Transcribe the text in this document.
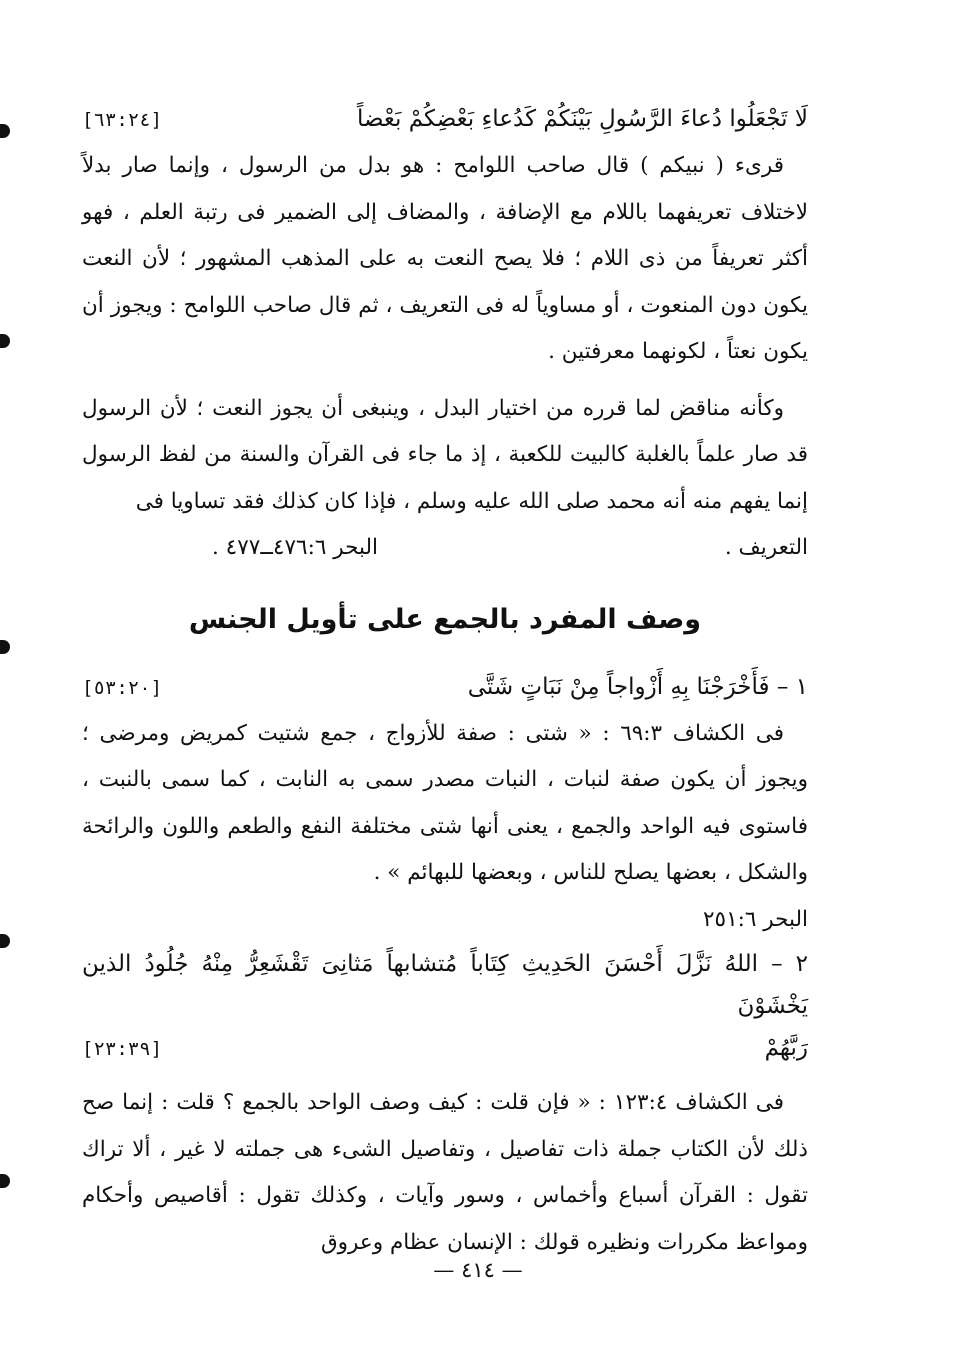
لَا تَجْعَلُوا دُعاءَ الرَّسُولِ بَيْنَكُمْ كَدُعاءِ بَعْضِكُمْ بَعْضاً
[٦٣:٢٤]

قرىء ( نبيكم ) قال صاحب اللوامح : هو بدل من الرسول ، وإنما صار بدلاً لاختلاف تعريفهما باللام مع الإضافة ، والمضاف إلى الضمير فى رتبة العلم ، فهو أكثر تعريفاً من ذى اللام ؛ فلا يصح النعت به على المذهب المشهور ؛ لأن النعت يكون دون المنعوت ، أو مساوياً له فى التعريف ، ثم قال صاحب اللوامح : ويجوز أن يكون نعتاً ، لكونهما معرفتين .

وكأنه مناقض لما قرره من اختيار البدل ، وينبغى أن يجوز النعت ؛ لأن الرسول قد صار علماً بالغلبة كالبيت للكعبة ، إذ ما جاء فى القرآن والسنة من لفظ الرسول إنما يفهم منه أنه محمد صلى الله عليه وسلم ، فإذا كان كذلك فقد تساويا فى

التعريف .
البحر ٤٧٦:٦ــ٤٧٧ .
وصف المفرد بالجمع على تأويل الجنس
١ – فَأَخْرَجْنَا بِهِ أَزْواجاً مِنْ نَبَاتٍ شَتَّى
[٥٣:٢٠]

فى الكشاف ٦٩:٣ : « شتى : صفة للأزواج ، جمع شتيت كمريض ومرضى ؛ ويجوز أن يكون صفة لنبات ، النبات مصدر سمى به النابت ، كما سمى بالنبت ، فاستوى فيه الواحد والجمع ، يعنى أنها شتى مختلفة النفع والطعم واللون والرائحة والشكل ، بعضها يصلح للناس ، وبعضها للبهائم » .

البحر ٢٥١:٦
٢ – اللهُ نَزَّلَ أَحْسَنَ الحَدِيثِ كِتَاباً مُتشابهاً مَثانِىَ تَقْشَعِرُّ مِنْهُ جُلُودُ الذين يَخْشَوْنَ
رَبَّهُمْ
[٢٣:٣٩]

فى الكشاف ١٢٣:٤ : « فإن قلت : كيف وصف الواحد بالجمع ؟ قلت : إنما صح ذلك لأن الكتاب جملة ذات تفاصيل ، وتفاصيل الشىء هى جملته لا غير ، ألا تراك تقول : القرآن أسباع وأخماس ، وسور وآيات ، وكذلك تقول : أقاصيص وأحكام ومواعظ مكررات ونظيره قولك : الإنسان عظام وعروق

— ٤١٤ —
